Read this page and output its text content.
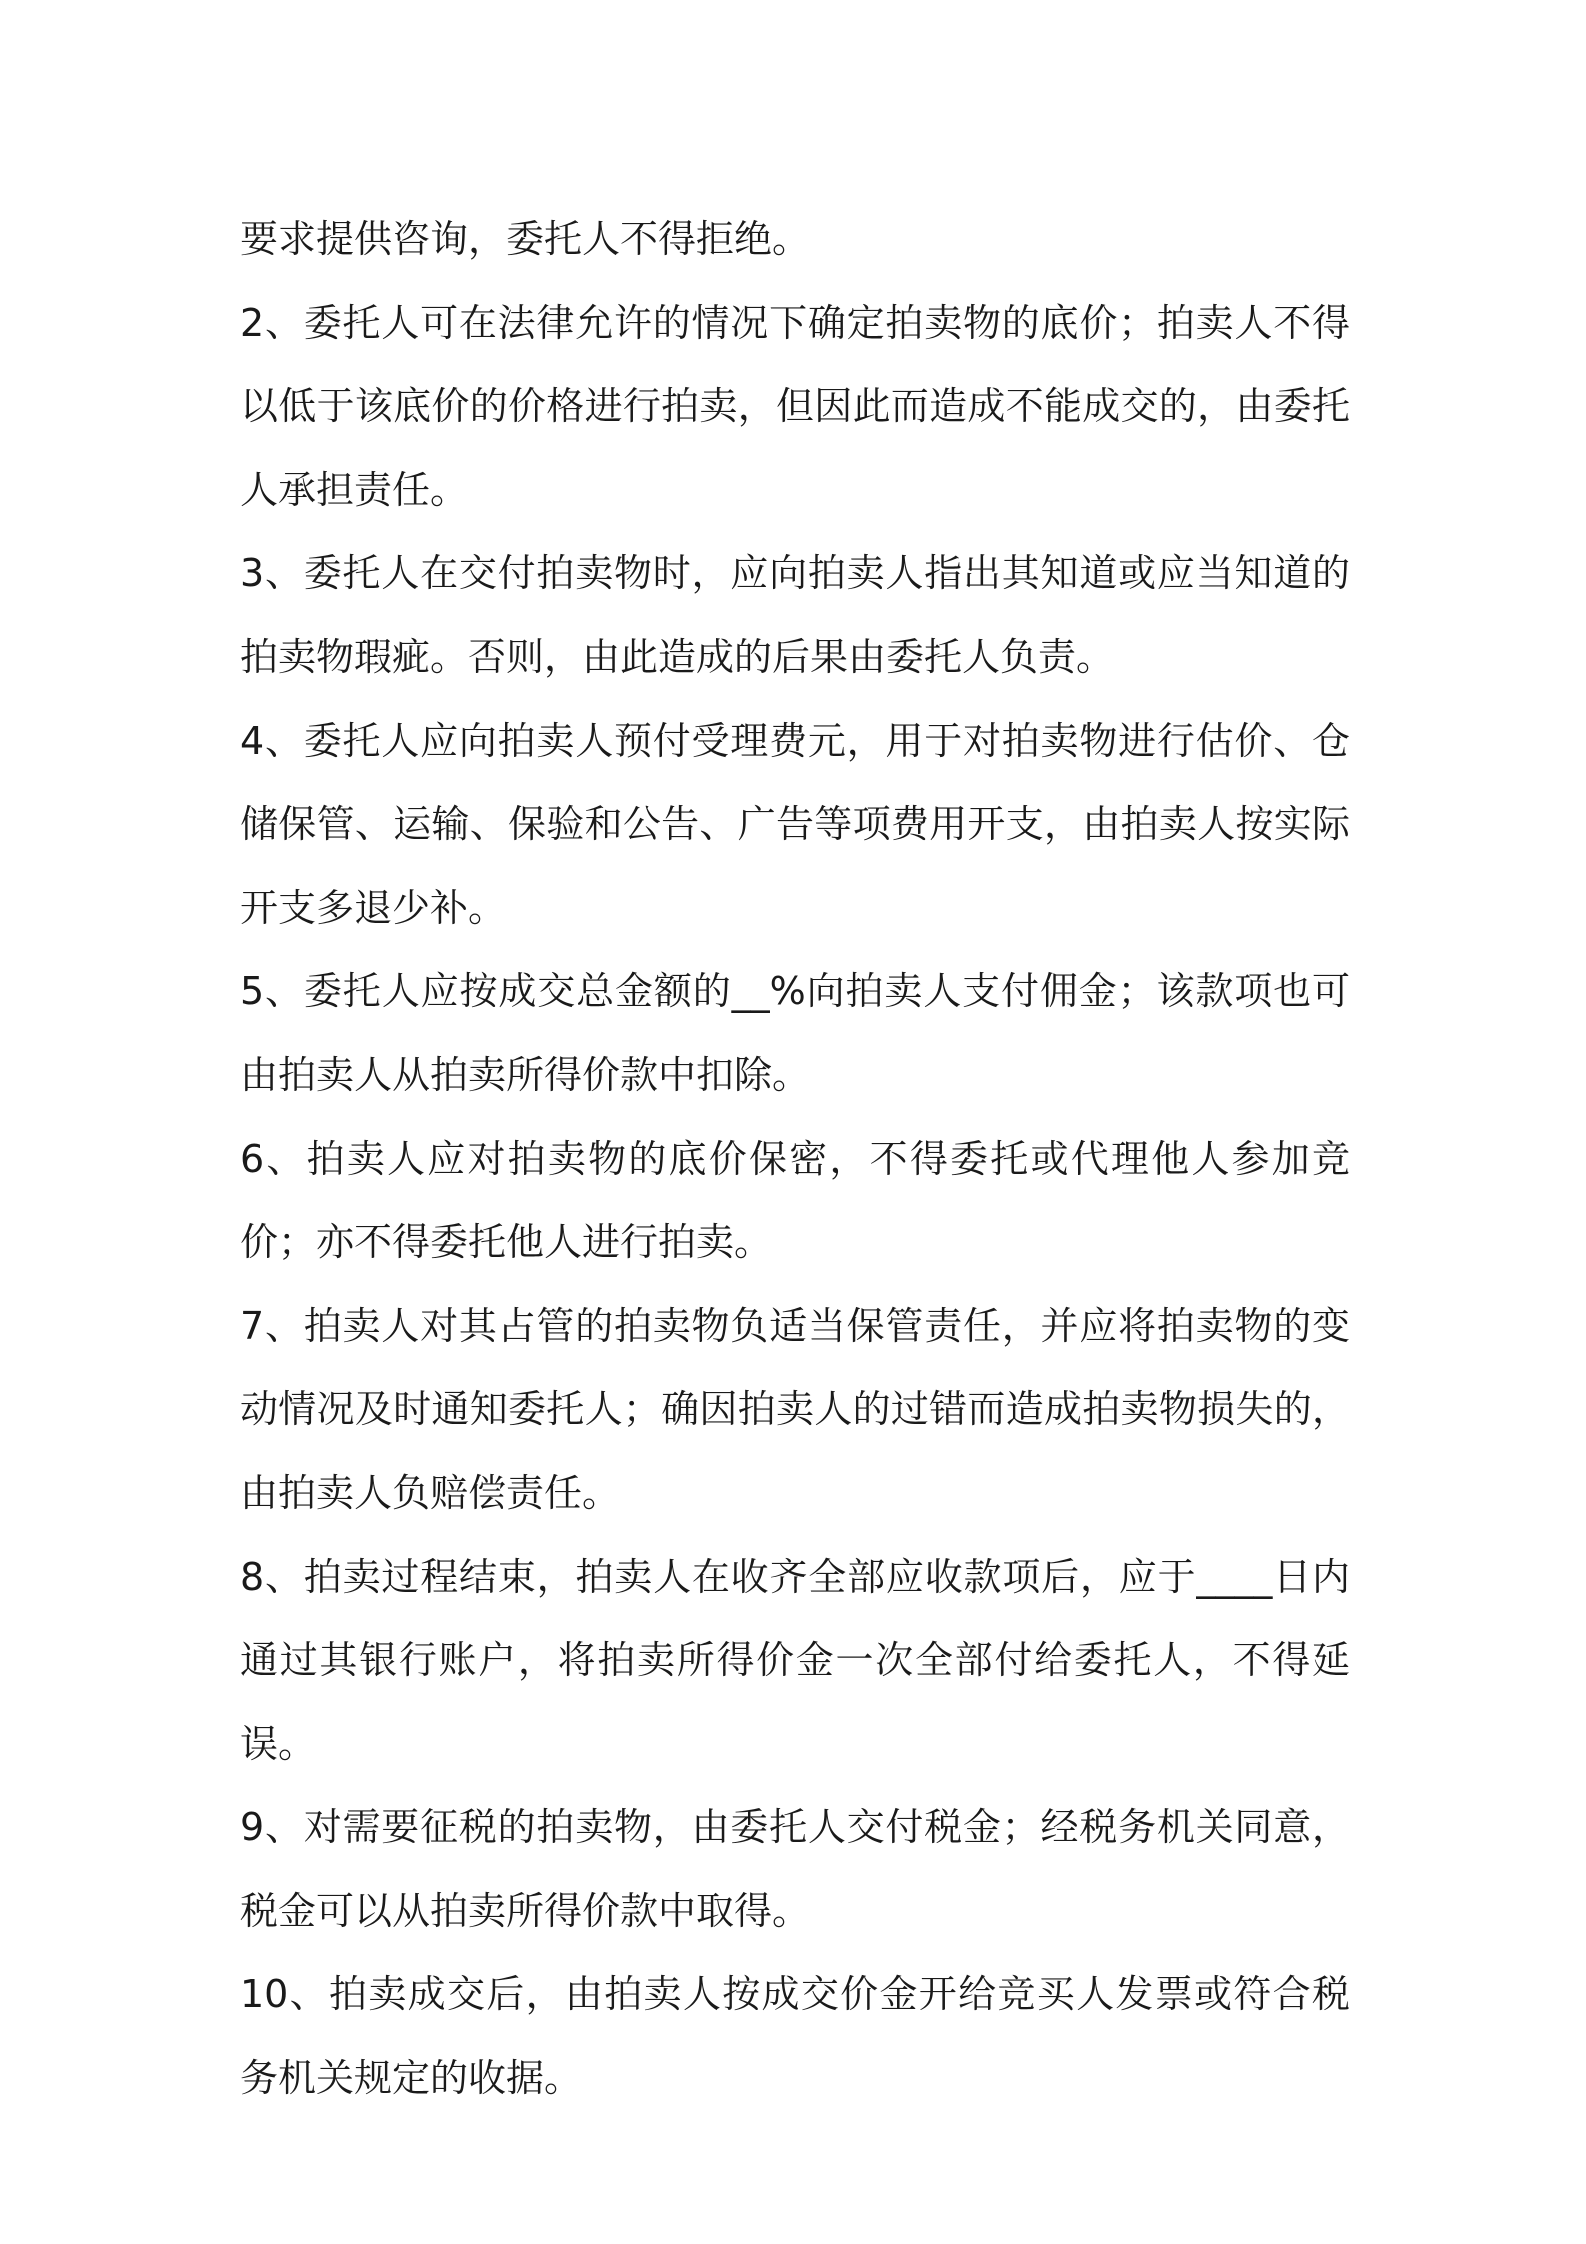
要求提供咨询，委托人不得拒绝。

2、委托人可在法律允许的情况下确定拍卖物的底价；拍卖人不得以低于该底价的价格进行拍卖，但因此而造成不能成交的，由委托人承担责任。

3、委托人在交付拍卖物时，应向拍卖人指出其知道或应当知道的拍卖物瑕疵。否则，由此造成的后果由委托人负责。

4、委托人应向拍卖人预付受理费元，用于对拍卖物进行估价、仓储保管、运输、保验和公告、广告等项费用开支，由拍卖人按实际开支多退少补。

5、委托人应按成交总金额的__%向拍卖人支付佣金；该款项也可由拍卖人从拍卖所得价款中扣除。

6、拍卖人应对拍卖物的底价保密，不得委托或代理他人参加竞价；亦不得委托他人进行拍卖。

7、拍卖人对其占管的拍卖物负适当保管责任，并应将拍卖物的变动情况及时通知委托人；确因拍卖人的过错而造成拍卖物损失的，由拍卖人负赔偿责任。

8、拍卖过程结束，拍卖人在收齐全部应收款项后，应于____日内通过其银行账户，将拍卖所得价金一次全部付给委托人，不得延误。

9、对需要征税的拍卖物，由委托人交付税金；经税务机关同意，税金可以从拍卖所得价款中取得。

10、拍卖成交后，由拍卖人按成交价金开给竞买人发票或符合税务机关规定的收据。
